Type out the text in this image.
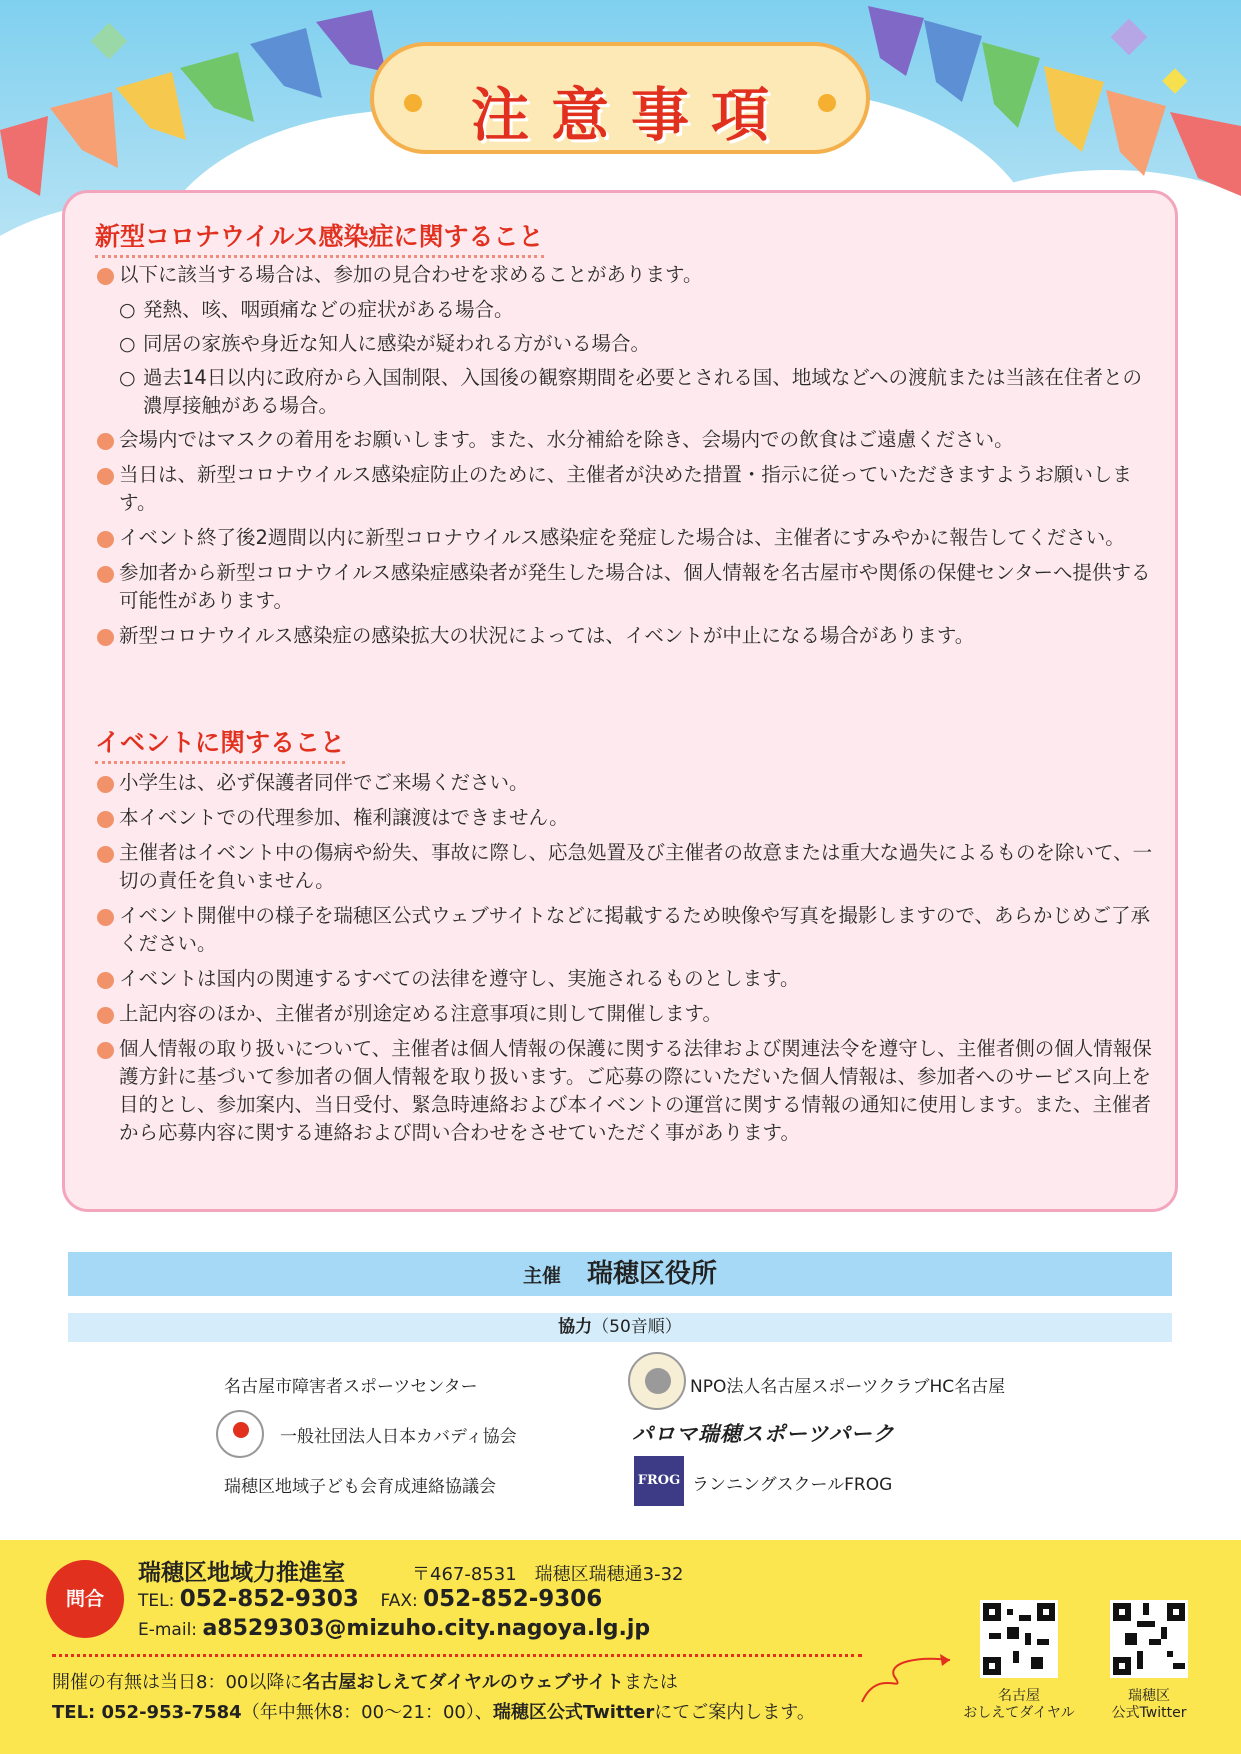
注意事項
新型コロナウイルス感染症に関すること
以下に該当する場合は、参加の見合わせを求めることがあります。
○ 発熱、咳、咽頭痛などの症状がある場合。
○ 同居の家族や身近な知人に感染が疑われる方がいる場合。
○ 過去14日以内に政府から入国制限、入国後の観察期間を必要とされる国、地域などへの渡航または当該在住者との濃厚接触がある場合。
会場内ではマスクの着用をお願いします。また、水分補給を除き、会場内での飲食はご遠慮ください。
当日は、新型コロナウイルス感染症防止のために、主催者が決めた措置・指示に従っていただきますようお願いします。
イベント終了後2週間以内に新型コロナウイルス感染症を発症した場合は、主催者にすみやかに報告してください。
参加者から新型コロナウイルス感染症感染者が発生した場合は、個人情報を名古屋市や関係の保健センターへ提供する可能性があります。
新型コロナウイルス感染症の感染拡大の状況によっては、イベントが中止になる場合があります。
イベントに関すること
小学生は、必ず保護者同伴でご来場ください。
本イベントでの代理参加、権利譲渡はできません。
主催者はイベント中の傷病や紛失、事故に際し、応急処置及び主催者の故意または重大な過失によるものを除いて、一切の責任を負いません。
イベント開催中の様子を瑞穂区公式ウェブサイトなどに掲載するため映像や写真を撮影しますので、あらかじめご了承ください。
イベントは国内の関連するすべての法律を遵守し、実施されるものとします。
上記内容のほか、主催者が別途定める注意事項に則して開催します。
個人情報の取り扱いについて、主催者は個人情報の保護に関する法律および関連法令を遵守し、主催者側の個人情報保護方針に基づいて参加者の個人情報を取り扱います。ご応募の際にいただいた個人情報は、参加者へのサービス向上を目的とし、参加案内、当日受付、緊急時連絡および本イベントの運営に関する情報の通知に使用します。また、主催者から応募内容に関する連絡および問い合わせをさせていただく事があります。
主催 瑞穂区役所
協力（50音順）
名古屋市障害者スポーツセンター
一般社団法人日本カバディ協会
瑞穂区地域子ども会育成連絡協議会
NPO法人名古屋スポーツクラブHC名古屋
パロマ瑞穂スポーツパーク
FROG ランニングスクールFROG
問合
瑞穂区地域力推進室	〒467-8531　瑞穂区瑞穂通3-32
TEL: 052-852-9303 FAX: 052-852-9306
E-mail: a8529303@mizuho.city.nagoya.lg.jp
開催の有無は当日8：00以降に名古屋おしえてダイヤルのウェブサイトまたは
TEL: 052-953-7584（年中無休8：00〜21：00）、瑞穂区公式Twitterにてご案内します。
名古屋
おしえてダイヤル
瑞穂区
公式Twitter
